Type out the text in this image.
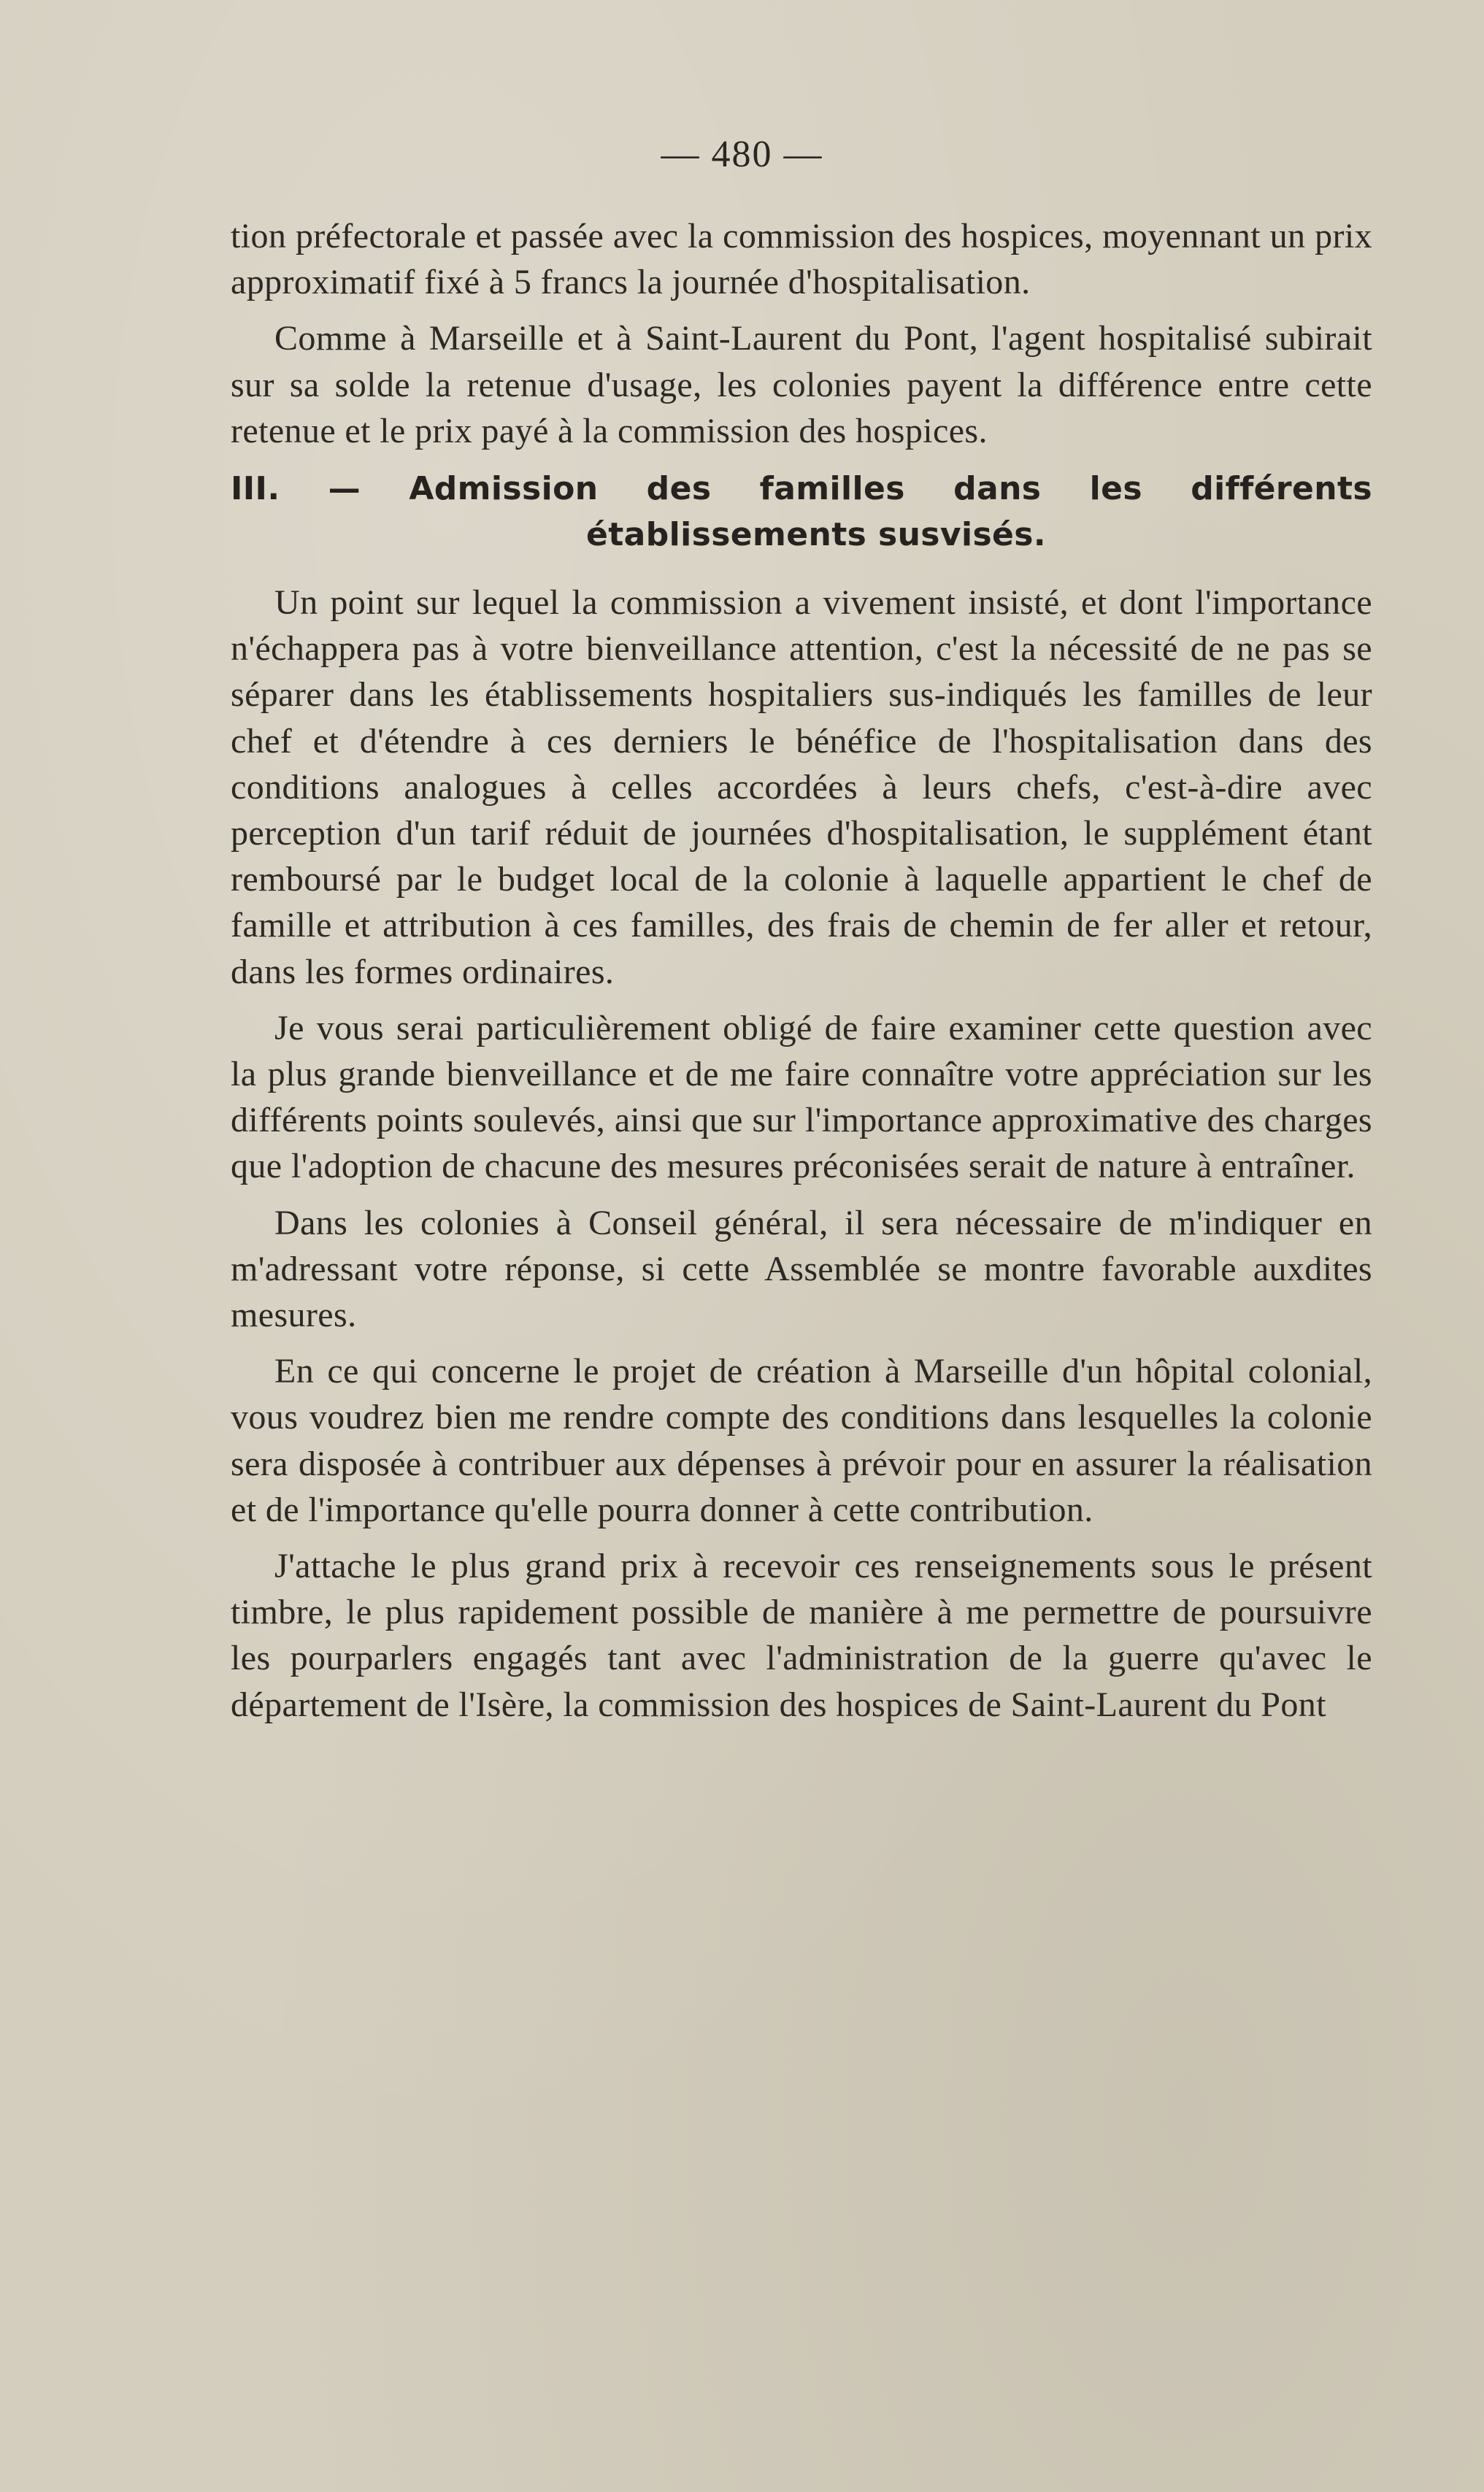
— 480 —

tion préfectorale et passée avec la commission des hospices, moyennant un prix approximatif fixé à 5 francs la journée d'hospitalisation.

Comme à Marseille et à Saint-Laurent du Pont, l'agent hospitalisé subirait sur sa solde la retenue d'usage, les colonies payent la différence entre cette retenue et le prix payé à la commission des hospices.

III. — Admission des familles dans les différents
établissements susvisés.

Un point sur lequel la commission a vivement insisté, et dont l'importance n'échappera pas à votre bienveillance attention, c'est la nécessité de ne pas se séparer dans les établissements hospitaliers sus-indiqués les familles de leur chef et d'étendre à ces derniers le bénéfice de l'hospitalisation dans des conditions analogues à celles accordées à leurs chefs, c'est-à-dire avec perception d'un tarif réduit de journées d'hospitalisation, le supplément étant remboursé par le budget local de la colonie à laquelle appartient le chef de famille et attribution à ces familles, des frais de chemin de fer aller et retour, dans les formes ordinaires.

Je vous serai particulièrement obligé de faire examiner cette question avec la plus grande bienveillance et de me faire connaître votre appréciation sur les différents points soulevés, ainsi que sur l'importance approximative des charges que l'adoption de chacune des mesures préconisées serait de nature à entraîner.

Dans les colonies à Conseil général, il sera nécessaire de m'indiquer en m'adressant votre réponse, si cette Assemblée se montre favorable auxdites mesures.

En ce qui concerne le projet de création à Marseille d'un hôpital colonial, vous voudrez bien me rendre compte des conditions dans lesquelles la colonie sera disposée à contribuer aux dépenses à prévoir pour en assurer la réalisation et de l'importance qu'elle pourra donner à cette contribution.

J'attache le plus grand prix à recevoir ces renseignements sous le présent timbre, le plus rapidement possible de manière à me permettre de poursuivre les pourparlers engagés tant avec l'administration de la guerre qu'avec le département de l'Isère, la commission des hospices de Saint-Laurent du Pont
